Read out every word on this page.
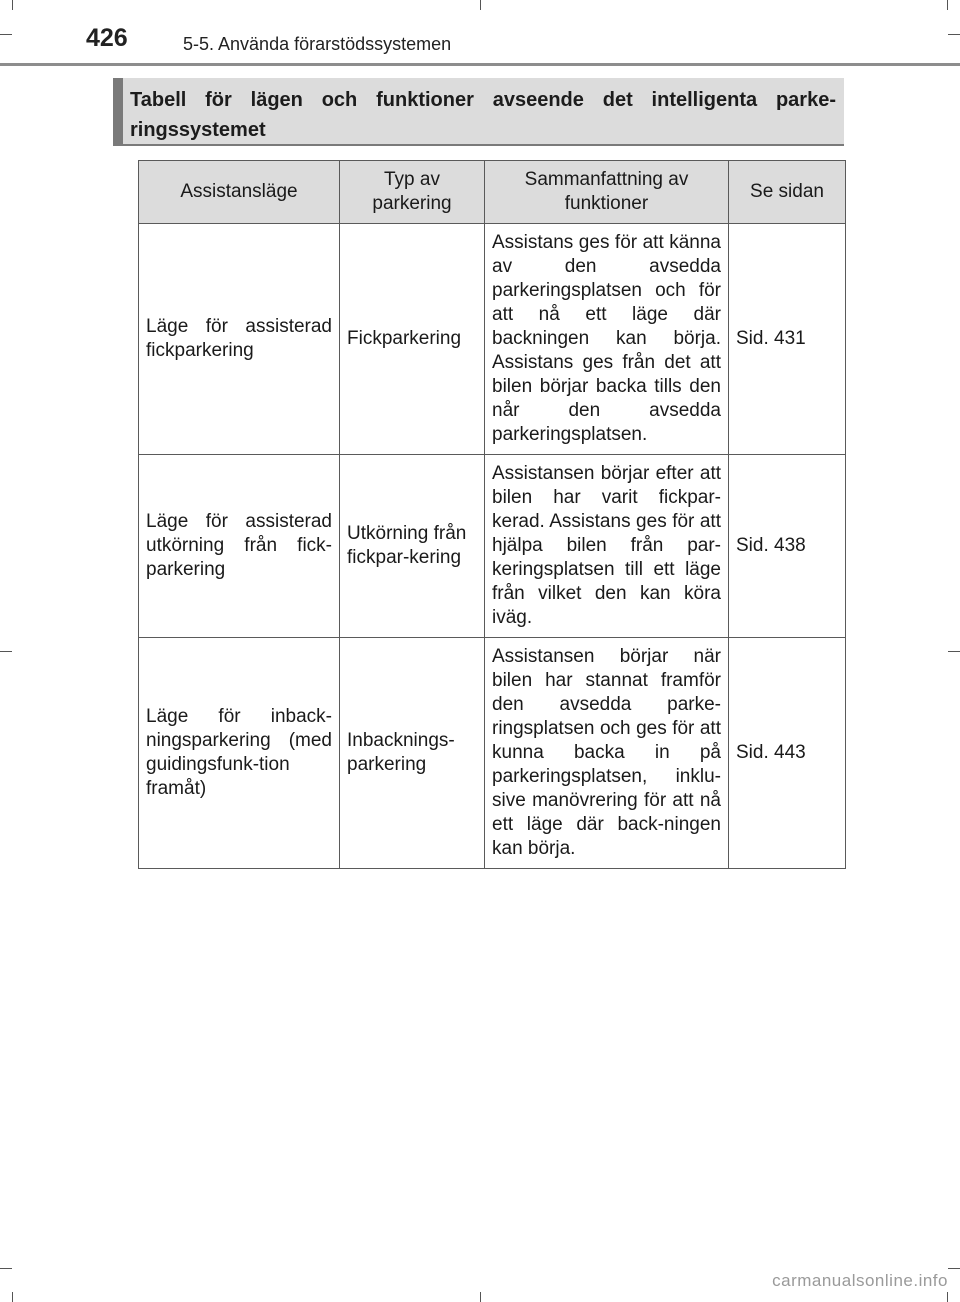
426	5-5. Använda förarstödssystemen
Tabell för lägen och funktioner avseende det intelligenta parke-ringssystemet
Assistansläge	Typ av parkering	Sammanfattning av funktioner	Se sidan
Läge för assisterad fickparkering	Fickparkering	Assistans ges för att känna av den avsedda parkeringsplatsen och för att nå ett läge där backningen kan börja. Assistans ges från det att bilen börjar backa tills den når den avsedda parkeringsplatsen.	Sid. 431
Läge för assisterad utkörning från fick-parkering	Utkörning från fickpar-kering	Assistansen börjar efter att bilen har varit fickpar-kerad. Assistans ges för att hjälpa bilen från par-keringsplatsen till ett läge från vilket den kan köra iväg.	Sid. 438
Läge för inback-ningsparkering (med guidingsfunk-tion framåt)	Inbacknings-parkering	Assistansen börjar när bilen har stannat framför den avsedda parke-ringsplatsen och ges för att kunna backa in på parkeringsplatsen, inklu-sive manövrering för att nå ett läge där back-ningen kan börja.	Sid. 443
carmanualsonline.info
